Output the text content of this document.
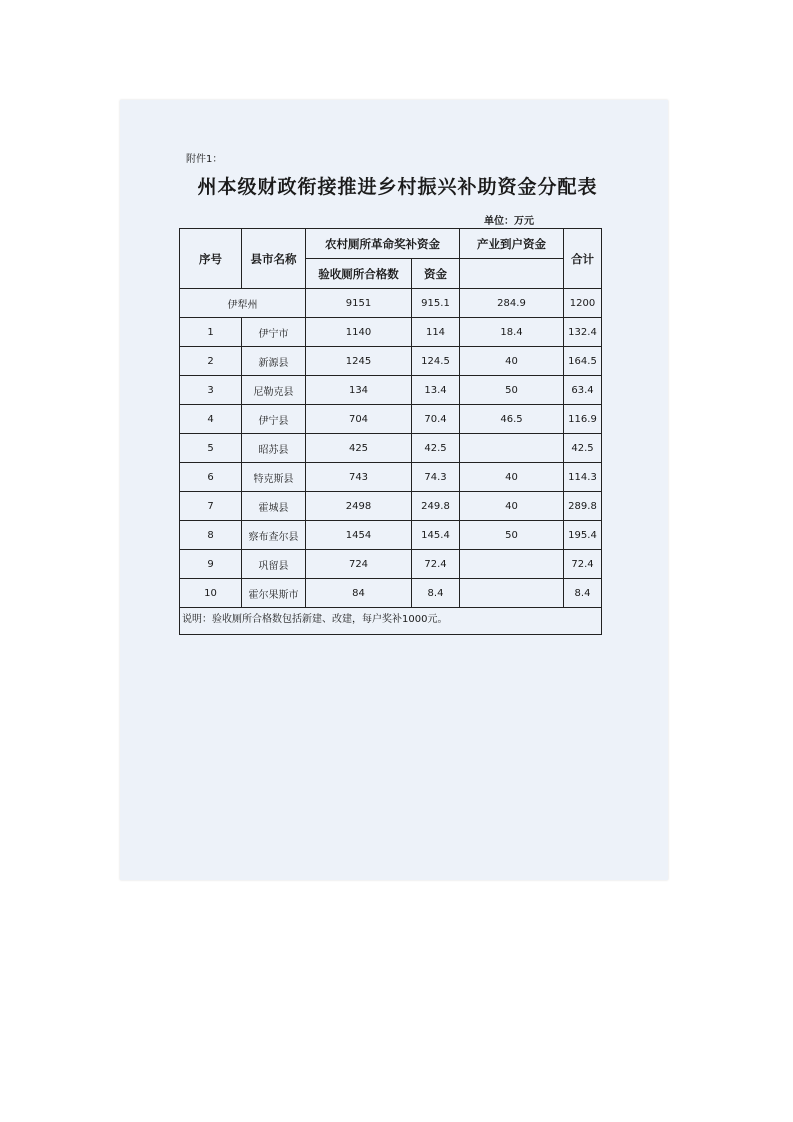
附件1：
州本级财政衔接推进乡村振兴补助资金分配表
单位：万元
序号	县市名称	农村厕所革命奖补资金		产业到户资金	合计
		验收厕所合格数	资金		
伊犁州		9151	915.1	284.9	1200
1	伊宁市	1140	114	18.4	132.4
2	新源县	1245	124.5	40	164.5
3	尼勒克县	134	13.4	50	63.4
4	伊宁县	704	70.4	46.5	116.9
5	昭苏县	425	42.5		42.5
6	特克斯县	743	74.3	40	114.3
7	霍城县	2498	249.8	40	289.8
8	察布查尔县	1454	145.4	50	195.4
9	巩留县	724	72.4		72.4
10	霍尔果斯市	84	8.4		8.4
说明：验收厕所合格数包括新建、改建，每户奖补1000元。					
